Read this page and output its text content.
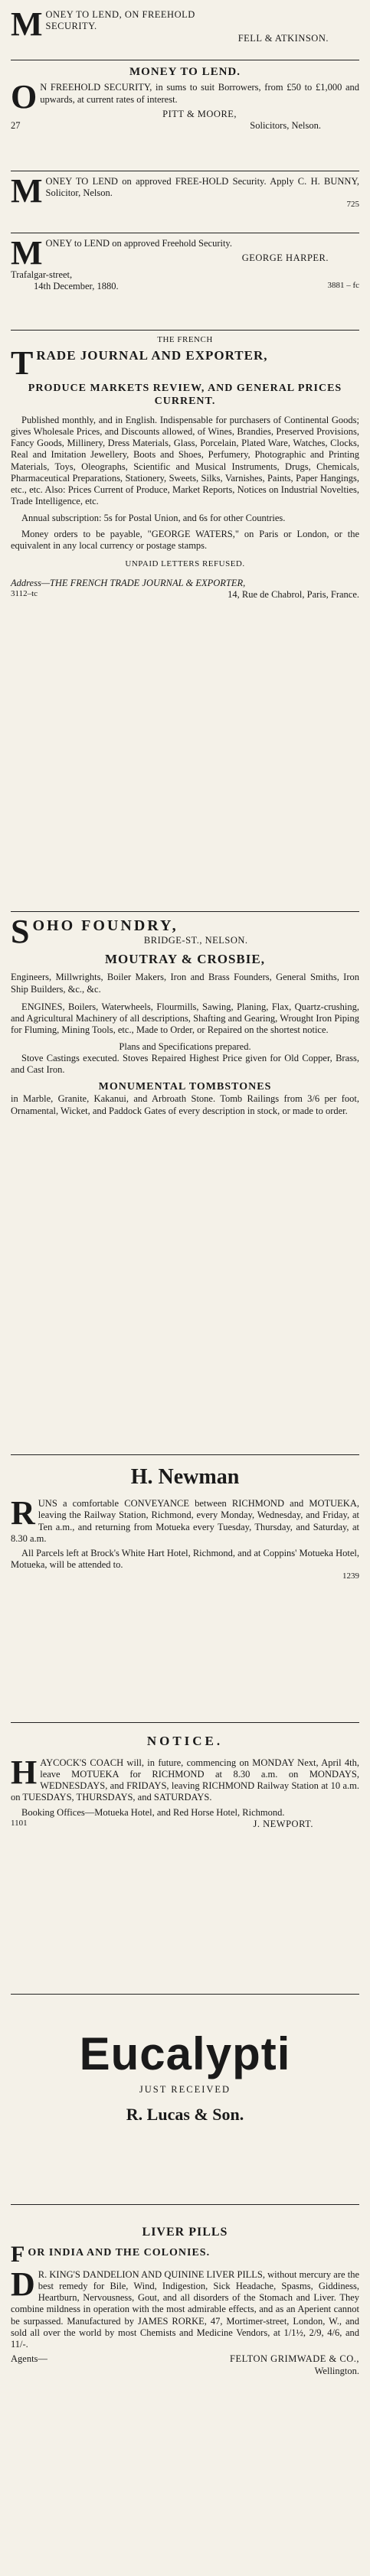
M ONEY TO LEND, ON FREEHOLD

SECURITY.

FELL & ATKINSON.

MONEY TO LEND.

O N FREEHOLD SECURITY, in sums to suit Borrowers, from £50 to £1,000 and upwards, at current rates of interest.

PITT & MOORE,

27	Solicitors, Nelson.
M ONEY TO LEND on approved FREE-HOLD Security. Apply C. H. BUNNY, Solicitor, Nelson.

725

M ONEY to LEND on approved Freehold Security.

GEORGE HARPER.

Trafalgar-street,

14th December, 1880.	3881 – fc

THE FRENCH

T RADE JOURNAL AND EXPORTER,

PRODUCE MARKETS REVIEW, AND GENERAL PRICES CURRENT.

Published monthly, and in English. Indispensable for purchasers of Continental Goods; gives Wholesale Prices, and Discounts allowed, of Wines, Brandies, Preserved Provisions, Fancy Goods, Millinery, Dress Materials, Glass, Porcelain, Plated Ware, Watches, Clocks, Real and Imitation Jewellery, Boots and Shoes, Perfumery, Photographic and Printing Materials, Toys, Oleographs, Scientific and Musical Instruments, Drugs, Chemicals, Pharmaceutical Preparations, Stationery, Sweets, Silks, Varnishes, Paints, Paper Hangings, etc., etc. Also: Prices Current of Produce, Market Reports, Notices on Industrial Novelties, Trade Intelligence, etc.

Annual subscription: 5s for Postal Union, and 6s for other Countries.

Money orders to be payable, "GEORGE WATERS," on Paris or London, or the equivalent in any local currency or postage stamps.

UNPAID LETTERS REFUSED.

Address—THE FRENCH TRADE JOURNAL & EXPORTER,

3112–tc	14, Rue de Chabrol, Paris, France.
S OHO FOUNDRY,

BRIDGE-ST., NELSON.

MOUTRAY & CROSBIE,

Engineers, Millwrights, Boiler Makers, Iron and Brass Founders, General Smiths, Iron Ship Builders, &c., &c.

ENGINES, Boilers, Waterwheels, Flourmills, Sawing, Planing, Flax, Quartz-crushing, and Agricultural Machinery of all descriptions, Shafting and Gearing, Wrought Iron Piping for Fluming, Mining Tools, etc., Made to Order, or Repaired on the shortest notice.

Plans and Specifications prepared.

Stove Castings executed. Stoves Repaired Highest Price given for Old Copper, Brass, and Cast Iron.

MONUMENTAL TOMBSTONES

in Marble, Granite, Kakanui, and Arbroath Stone. Tomb Railings from 3/6 per foot, Ornamental, Wicket, and Paddock Gates of every description in stock, or made to order.

H. Newman

R UNS a comfortable CONVEYANCE between RICHMOND and MOTUEKA, leaving the Railway Station, Richmond, every Monday, Wednesday, and Friday, at Ten a.m., and returning from Motueka every Tuesday, Thursday, and Saturday, at 8.30 a.m.

All Parcels left at Brock's White Hart Hotel, Richmond, and at Coppins' Motueka Hotel, Motueka, will be attended to.

1239

NOTICE.

H AYCOCK'S COACH will, in future, commencing on MONDAY Next, April 4th, leave MOTUEKA for RICHMOND at 8.30 a.m. on MONDAYS, WEDNESDAYS, and FRIDAYS, leaving RICHMOND Railway Station at 10 a.m. on TUESDAYS, THURSDAYS, and SATURDAYS.

Booking Offices—Motueka Hotel, and Red Horse Hotel, Richmond.

1101	J. NEWPORT.

Eucalypti

JUST RECEIVED

R. Lucas & Son.

LIVER PILLS

F OR INDIA AND THE COLONIES.

D R. KING'S DANDELION AND QUININE LIVER PILLS, without mercury are the best remedy for Bile, Wind, Indigestion, Sick Headache, Spasms, Giddiness, Heartburn, Nervousness, Gout, and all disorders of the Stomach and Liver. They combine mildness in operation with the most admirable effects, and as an Aperient cannot be surpassed. Manufactured by JAMES RORKE, 47, Mortimer-street, London, W., and sold all over the world by most Chemists and Medicine Vendors, at 1/1½, 2/9, 4/6, and 11/-.

Agents—	FELTON GRIMWADE & CO.,

Wellington.
